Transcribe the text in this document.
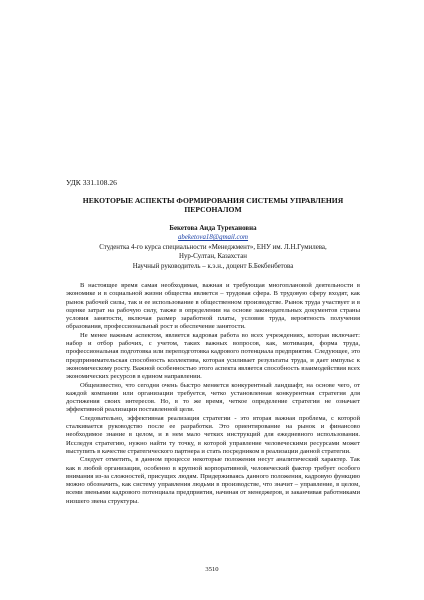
УДК 331.108.26
НЕКОТОРЫЕ АСПЕКТЫ ФОРМИРОВАНИЯ СИСТЕМЫ УПРАВЛЕНИЯ ПЕРСОНАЛОМ
Бекетова Аида Турехановна
abeketova18@gmail.com
Студентка 4-го курса специальности «Менеджмент», ЕНУ им. Л.Н.Гумилева,
Нур-Султан, Казахстан
Научный руководитель – к.э.н., доцент Б.Бекбенбетова

В настоящее время самая необходимая, важная и требующая многоплановой деятельности в экономике и в социальной жизни общества является – трудовая сфера. В трудовую сферу входят, как рынок рабочей силы, так и ее использование в общественном производстве. Рынок труда участвует и в оценке затрат на рабочую силу, также в определении на основе законодательных документов страны условия занятости, включая размер заработной платы, условия труда, вероятность получения образования, профессиональный рост и обеспечение занятости.

Не менее важным аспектом, является кадровая работа во всех учреждениях, которая включает: набор и отбор рабочих, с учетом, таких важных вопросов, как, мотивация, форма труда, профессиональная подготовка или переподготовка кадрового потенциала предприятия. Следующее, это предпринимательская способность коллектива, которая усиливает результаты труда, и дает импульс к экономическому росту. Важной особенностью этого аспекта является способность взаимодействия всех экономических ресурсов в едином направлении.

Общеизвестно, что сегодня очень быстро меняется конкурентный ландшафт, на основе чего, от каждой компании или организации требуется, четко установленная конкурентная стратегия для достижения своих интересов. Но, в то же время, четкое определение стратегии не означает эффективной реализации поставленной цели.

Следовательно, эффективная реализация стратегии - это вторая важная проблема, с которой сталкивается руководство после ее разработки. Это ориентирование на рынок и финансово необходимое знание в целом, и в нем мало четких инструкций для ежедневного использования. Исследуя стратегию, нужно найти ту точку, в которой управление человеческими ресурсами может выступить в качестве стратегического партнера и стать посредником в реализации данной стратегии.

Следует отметить, в данном процессе некоторые положения несут аналитический характер. Так как в любой организации, особенно в крупной корпоративной, человеческий фактор требует особого внимания из-за сложностей, присущих людям. Придерживаясь данного положения, кадровую функцию можно обозначить, как систему управления людьми в производстве, что значит – управление, в целом, всеми звеньями кадрового потенциала предприятия, начиная от менеджеров, и заканчивая работниками низшего звена структуры.

3510
